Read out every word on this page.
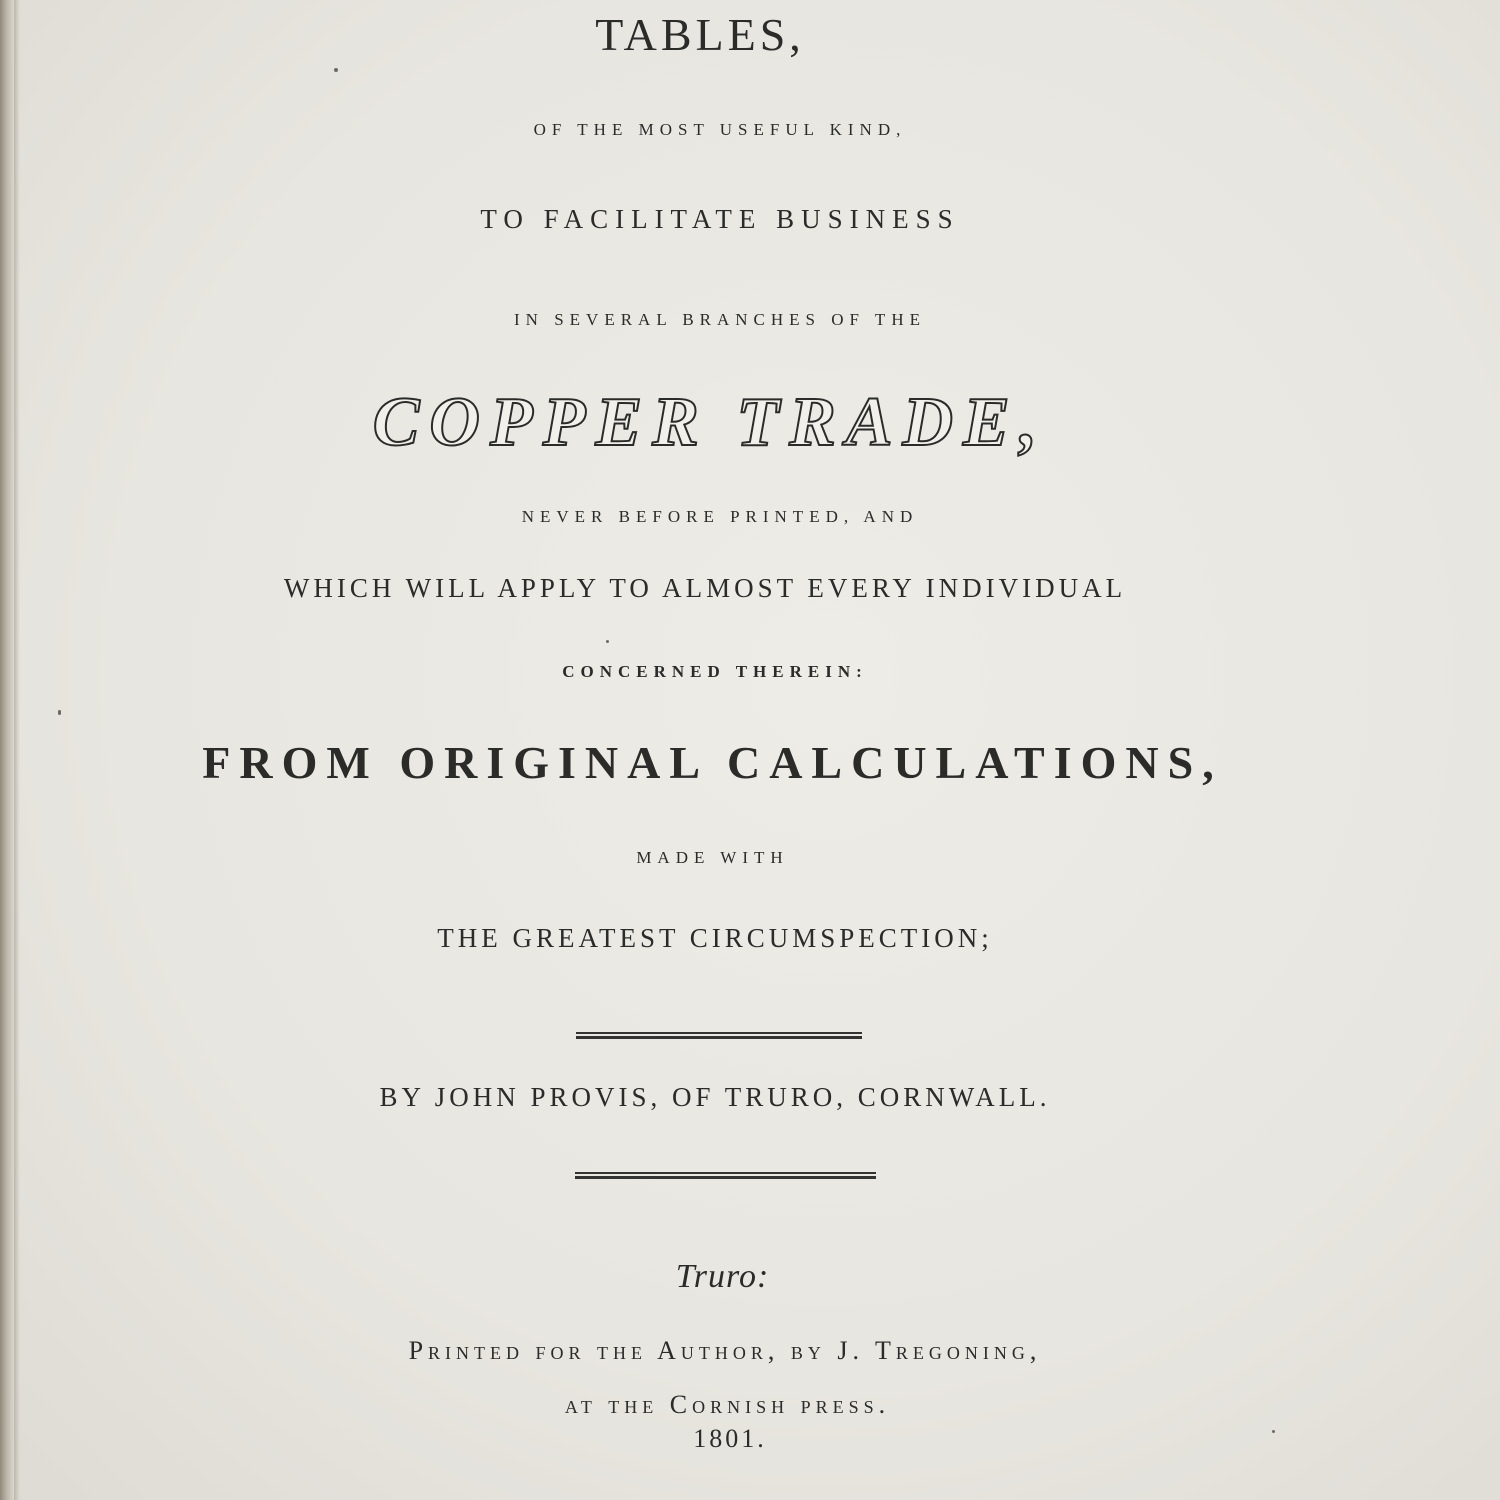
TABLES,
OF THE MOST USEFUL KIND,
TO FACILITATE BUSINESS
IN SEVERAL BRANCHES OF THE
COPPER TRADE,
NEVER BEFORE PRINTED, AND
WHICH WILL APPLY TO ALMOST EVERY INDIVIDUAL
CONCERNED THEREIN:
FROM ORIGINAL CALCULATIONS,
MADE WITH
THE GREATEST CIRCUMSPECTION;
BY JOHN PROVIS, OF TRURO, CORNWALL.
Truro:
Printed for the Author, by J. Tregoning,
at the Cornish press.
1801.
